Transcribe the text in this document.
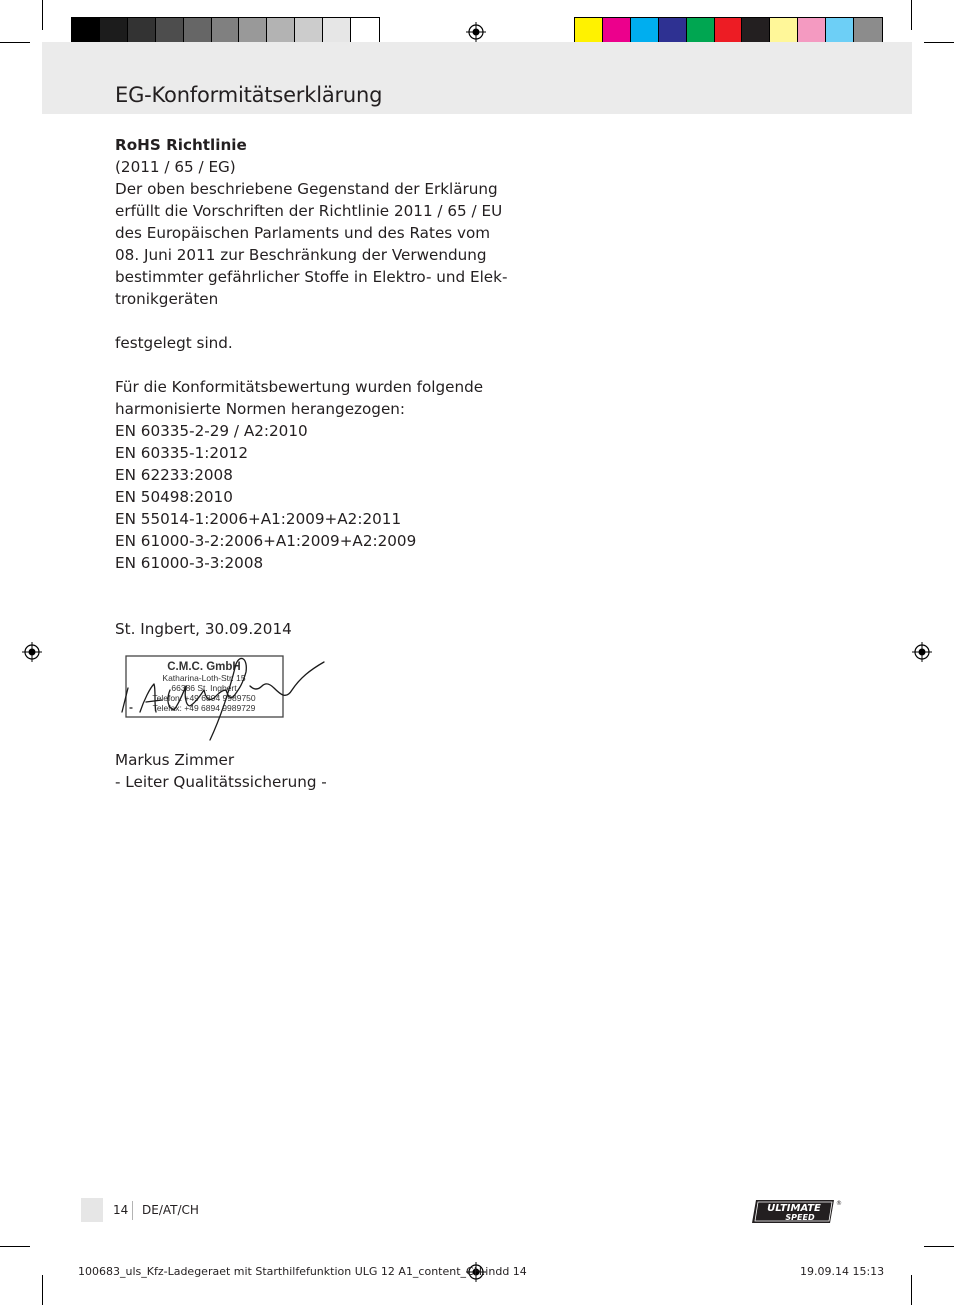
EG-Konformitätserklärung
RoHS Richtlinie
(2011 / 65 / EG)
Der oben beschriebene Gegenstand der Erklärung
erfüllt die Vorschriften der Richtlinie 2011 / 65 / EU
des Europäischen Parlaments und des Rates vom
08. Juni 2011 zur Beschränkung der Verwendung
bestimmter gefährlicher Stoffe in Elektro- und Elek-
tronikgeräten
festgelegt sind.
Für die Konformitätsbewertung wurden folgende
harmonisierte Normen herangezogen:
EN 60335-2-29 / A2:2010
EN 60335-1:2012
EN 62233:2008
EN 50498:2010
EN 55014-1:2006+A1:2009+A2:2011
EN 61000-3-2:2006+A1:2009+A2:2009
EN 61000-3-3:2008
St. Ingbert, 30.09.2014
C.M.C. GmbH
Katharina-Loth-Str. 15
66386 St. Ingbert
Telefon: +49 6894 9989750
Telefax: +49 6894 9989729
Markus Zimmer
- Leiter Qualitätssicherung -
14 DE/AT/CH	ULTIMATE
SPEED
®
100683_uls_Kfz-Ladegeraet mit Starthilfefunktion ULG 12 A1_content_CH.indd 14	19.09.14 15:13
